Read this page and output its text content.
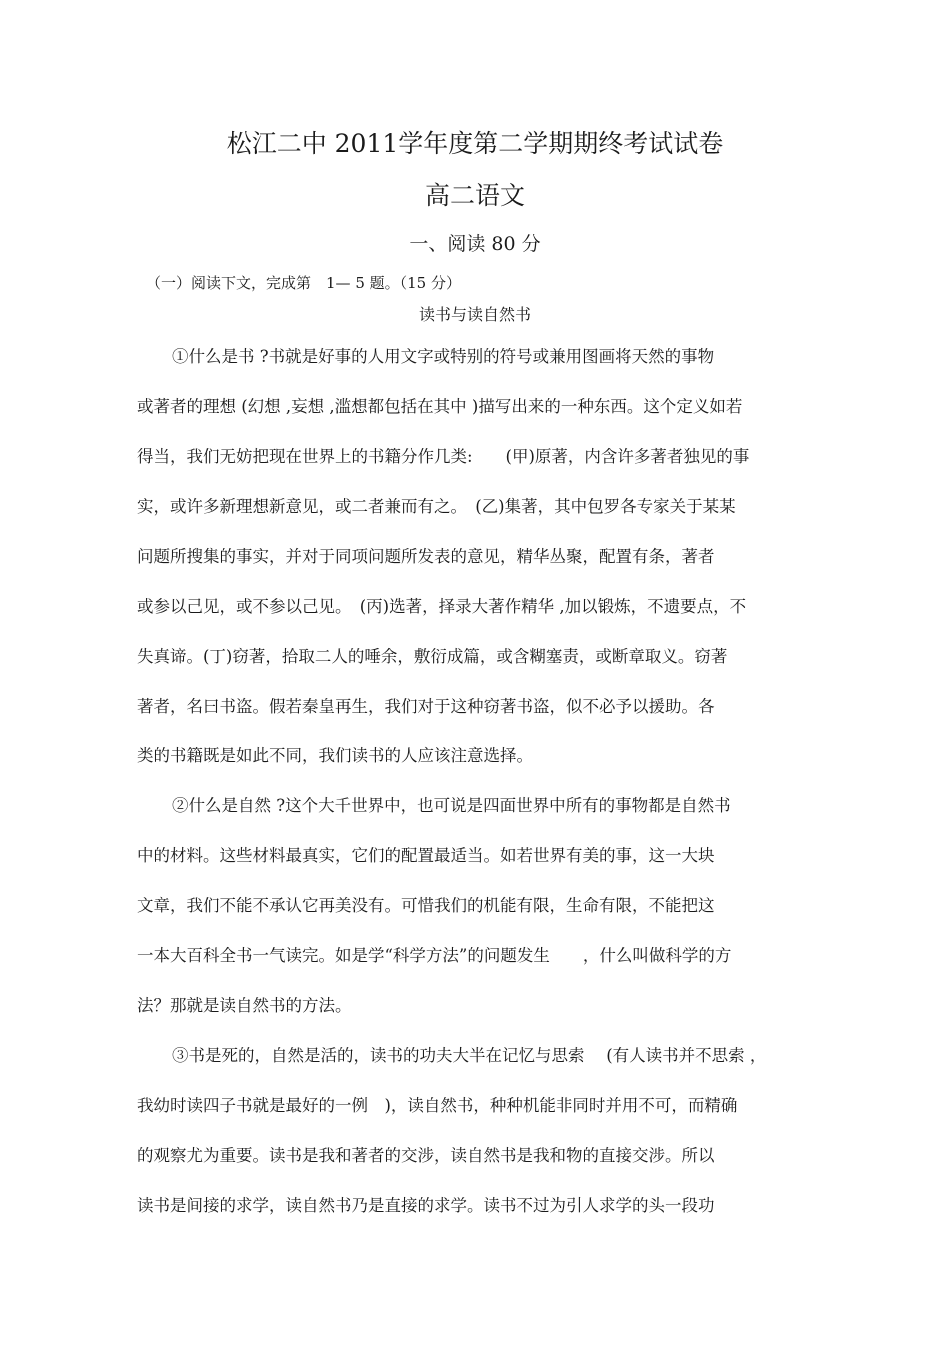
松江二中 2011学年度第二学期期终考试试卷
高二语文
一、阅读 80 分
（一）阅读下文，完成第　1— 5 题。（15 分）
读书与读自然书
①什么是书 ?书就是好事的人用文字或特别的符号或兼用图画将天然的事物
或著者的理想 (幻想 ,妄想 ,滥想都包括在其中 )描写出来的一种东西。这个定义如若
得当，我们无妨把现在世界上的书籍分作几类:　　(甲)原著，内含许多著者独见的事
实，或许多新理想新意见，或二者兼而有之。　(乙)集著，其中包罗各专家关于某某
问题所搜集的事实，并对于同项问题所发表的意见，精华丛聚，配置有条，著者
或参以己见，或不参以己见。　(丙)选著，择录大著作精华 ,加以锻炼，不遗要点，不
失真谛。(丁)窃著，拾取二人的唾余，敷衍成篇，或含糊塞责，或断章取义。窃著
著者，名曰书盗。假若秦皇再生，我们对于这种窃著书盗，似不必予以援助。各
类的书籍既是如此不同，我们读书的人应该注意选择。
②什么是自然 ?这个大千世界中，也可说是四面世界中所有的事物都是自然书
中的材料。这些材料最真实，它们的配置最适当。如若世界有美的事，这一大块
文章，我们不能不承认它再美没有。可惜我们的机能有限，生命有限，不能把这
一本大百科全书一气读完。如是学“科学方法”的问题发生　　，什么叫做科学的方
法？那就是读自然书的方法。
③书是死的，自然是活的，读书的功夫大半在记忆与思索　 (有人读书并不思索 ，
我幼时读四子书就是最好的一例　)，读自然书，种种机能非同时并用不可，而精确
的观察尤为重要。读书是我和著者的交涉，读自然书是我和物的直接交涉。所以
读书是间接的求学，读自然书乃是直接的求学。读书不过为引人求学的头一段功
